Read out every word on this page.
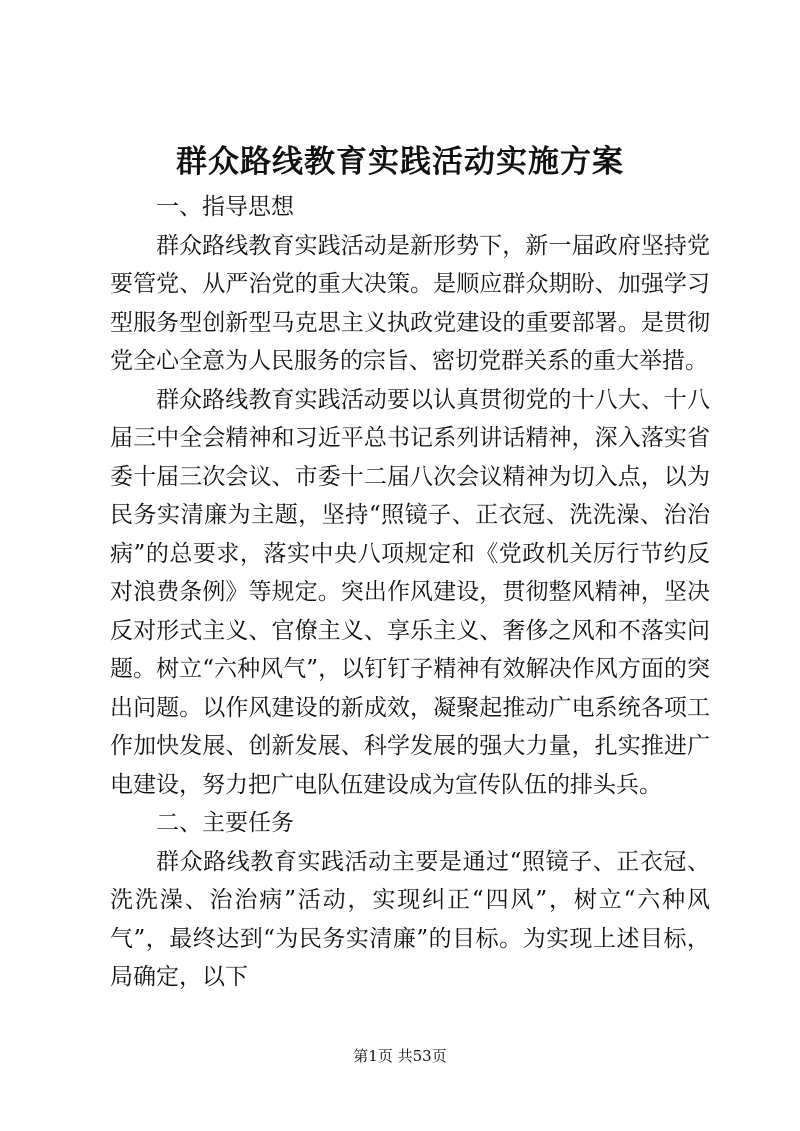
群众路线教育实践活动实施方案

一、指导思想

群众路线教育实践活动是新形势下，新一届政府坚持党要管党、从严治党的重大决策。是顺应群众期盼、加强学习型服务型创新型马克思主义执政党建设的重要部署。是贯彻党全心全意为人民服务的宗旨、密切党群关系的重大举措。

群众路线教育实践活动要以认真贯彻党的十八大、十八届三中全会精神和习近平总书记系列讲话精神，深入落实省委十届三次会议、市委十二届八次会议精神为切入点，以为民务实清廉为主题，坚持“照镜子、正衣冠、洗洗澡、治治病”的总要求，落实中央八项规定和《党政机关厉行节约反对浪费条例》等规定。突出作风建设，贯彻整风精神，坚决反对形式主义、官僚主义、享乐主义、奢侈之风和不落实问题。树立“六种风气”，以钉钉子精神有效解决作风方面的突出问题。以作风建设的新成效，凝聚起推动广电系统各项工作加快发展、创新发展、科学发展的强大力量，扎实推进广电建设，努力把广电队伍建设成为宣传队伍的排头兵。

二、主要任务

群众路线教育实践活动主要是通过“照镜子、正衣冠、洗洗澡、治治病”活动，实现纠正“四风”，树立“六种风气”，最终达到“为民务实清廉”的目标。为实现上述目标，局确定，以下

第1页 共53页
